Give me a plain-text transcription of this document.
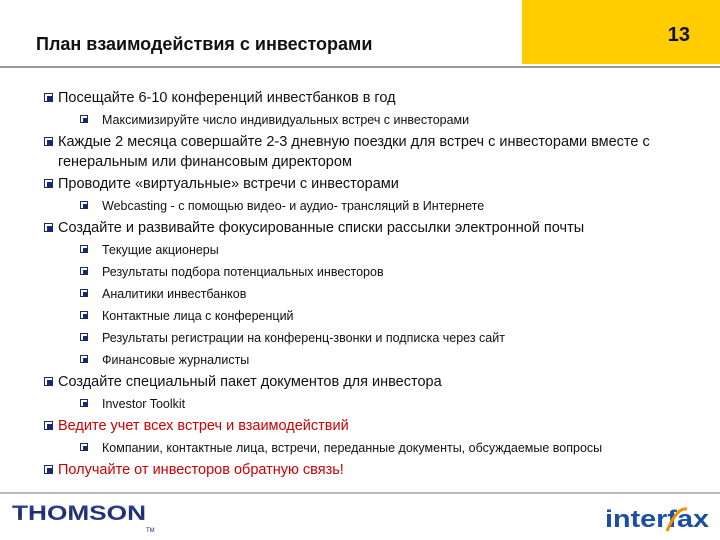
План взаимодействия с инвесторами	13
Посещайте 6-10 конференций инвестбанков в год
Максимизируйте число индивидуальных встреч с инвесторами
Каждые 2 месяца совершайте 2-3 дневную поездки для встреч с инвесторами вместе с генеральным или финансовым директором
Проводите «виртуальные» встречи с инвесторами
Webcasting - с помощью видео- и аудио- трансляций в Интернете
Создайте и развивайте фокусированные списки рассылки электронной почты
Текущие акционеры
Результаты подбора потенциальных инвесторов
Аналитики инвестбанков
Контактные лица с конференций
Результаты регистрации на конференц-звонки и подписка через сайт
Финансовые журналисты
Создайте специальный пакет документов для инвестора
Investor Toolkit
Ведите учет всех встреч и взаимодействий
Компании, контактные лица, встречи, переданные документы, обсуждаемые вопросы
Получайте от инвесторов обратную связь!
THOMSON
TM	interfax
